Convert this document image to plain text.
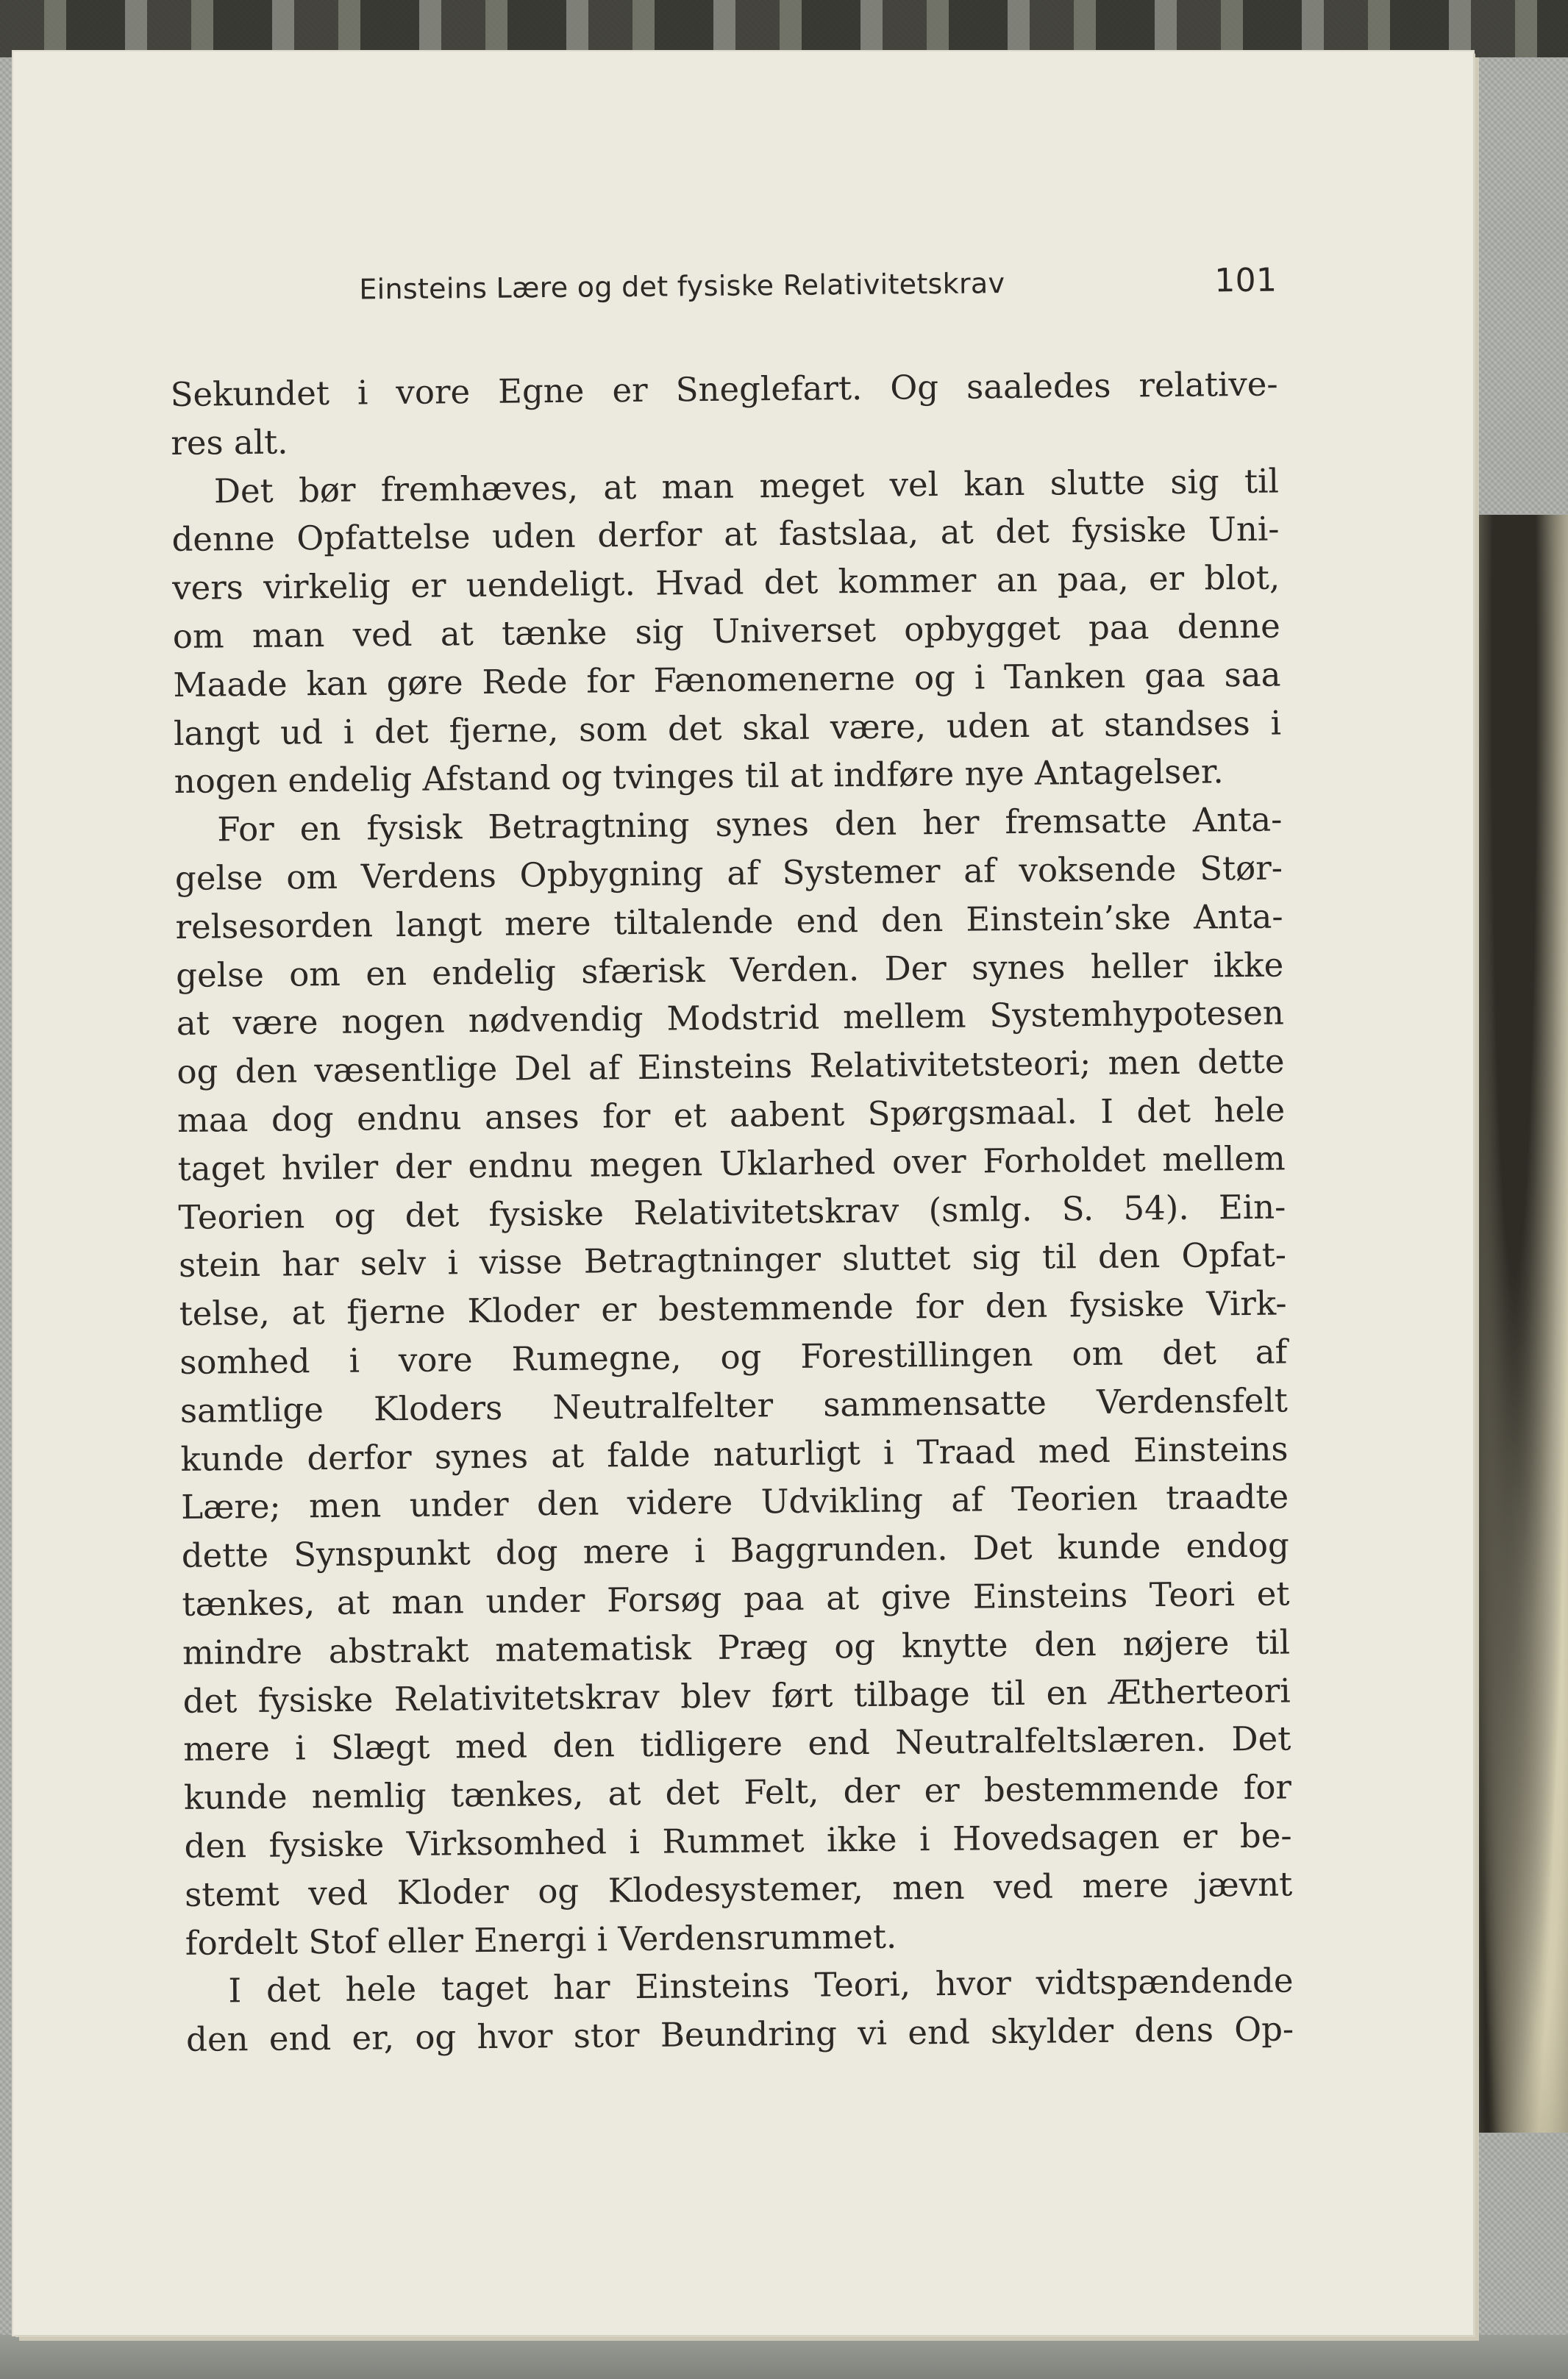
Einsteins Lære og det fysiske Relativitetskrav	101
Sekundet i vore Egne er Sneglefart. Og saaledes relative-
res alt.
Det bør fremhæves, at man meget vel kan slutte sig til
denne Opfattelse uden derfor at fastslaa, at det fysiske Uni-
vers virkelig er uendeligt. Hvad det kommer an paa, er blot,
om man ved at tænke sig Universet opbygget paa denne
Maade kan gøre Rede for Fænomenerne og i Tanken gaa saa
langt ud i det fjerne, som det skal være, uden at standses i
nogen endelig Afstand og tvinges til at indføre nye Antagelser.
For en fysisk Betragtning synes den her fremsatte Anta-
gelse om Verdens Opbygning af Systemer af voksende Stør-
relsesorden langt mere tiltalende end den Einstein’ske Anta-
gelse om en endelig sfærisk Verden. Der synes heller ikke
at være nogen nødvendig Modstrid mellem Systemhypotesen
og den væsentlige Del af Einsteins Relativitetsteori; men dette
maa dog endnu anses for et aabent Spørgsmaal. I det hele
taget hviler der endnu megen Uklarhed over Forholdet mellem
Teorien og det fysiske Relativitetskrav (smlg. S. 54). Ein-
stein har selv i visse Betragtninger sluttet sig til den Opfat-
telse, at fjerne Kloder er bestemmende for den fysiske Virk-
somhed i vore Rumegne, og Forestillingen om det af
samtlige Kloders Neutralfelter sammensatte Verdensfelt
kunde derfor synes at falde naturligt i Traad med Einsteins
Lære; men under den videre Udvikling af Teorien traadte
dette Synspunkt dog mere i Baggrunden. Det kunde endog
tænkes, at man under Forsøg paa at give Einsteins Teori et
mindre abstrakt matematisk Præg og knytte den nøjere til
det fysiske Relativitetskrav blev ført tilbage til en Ætherteori
mere i Slægt med den tidligere end Neutralfeltslæren. Det
kunde nemlig tænkes, at det Felt, der er bestemmende for
den fysiske Virksomhed i Rummet ikke i Hovedsagen er be-
stemt ved Kloder og Klodesystemer, men ved mere jævnt
fordelt Stof eller Energi i Verdensrummet.
I det hele taget har Einsteins Teori, hvor vidtspændende
den end er, og hvor stor Beundring vi end skylder dens Op-
